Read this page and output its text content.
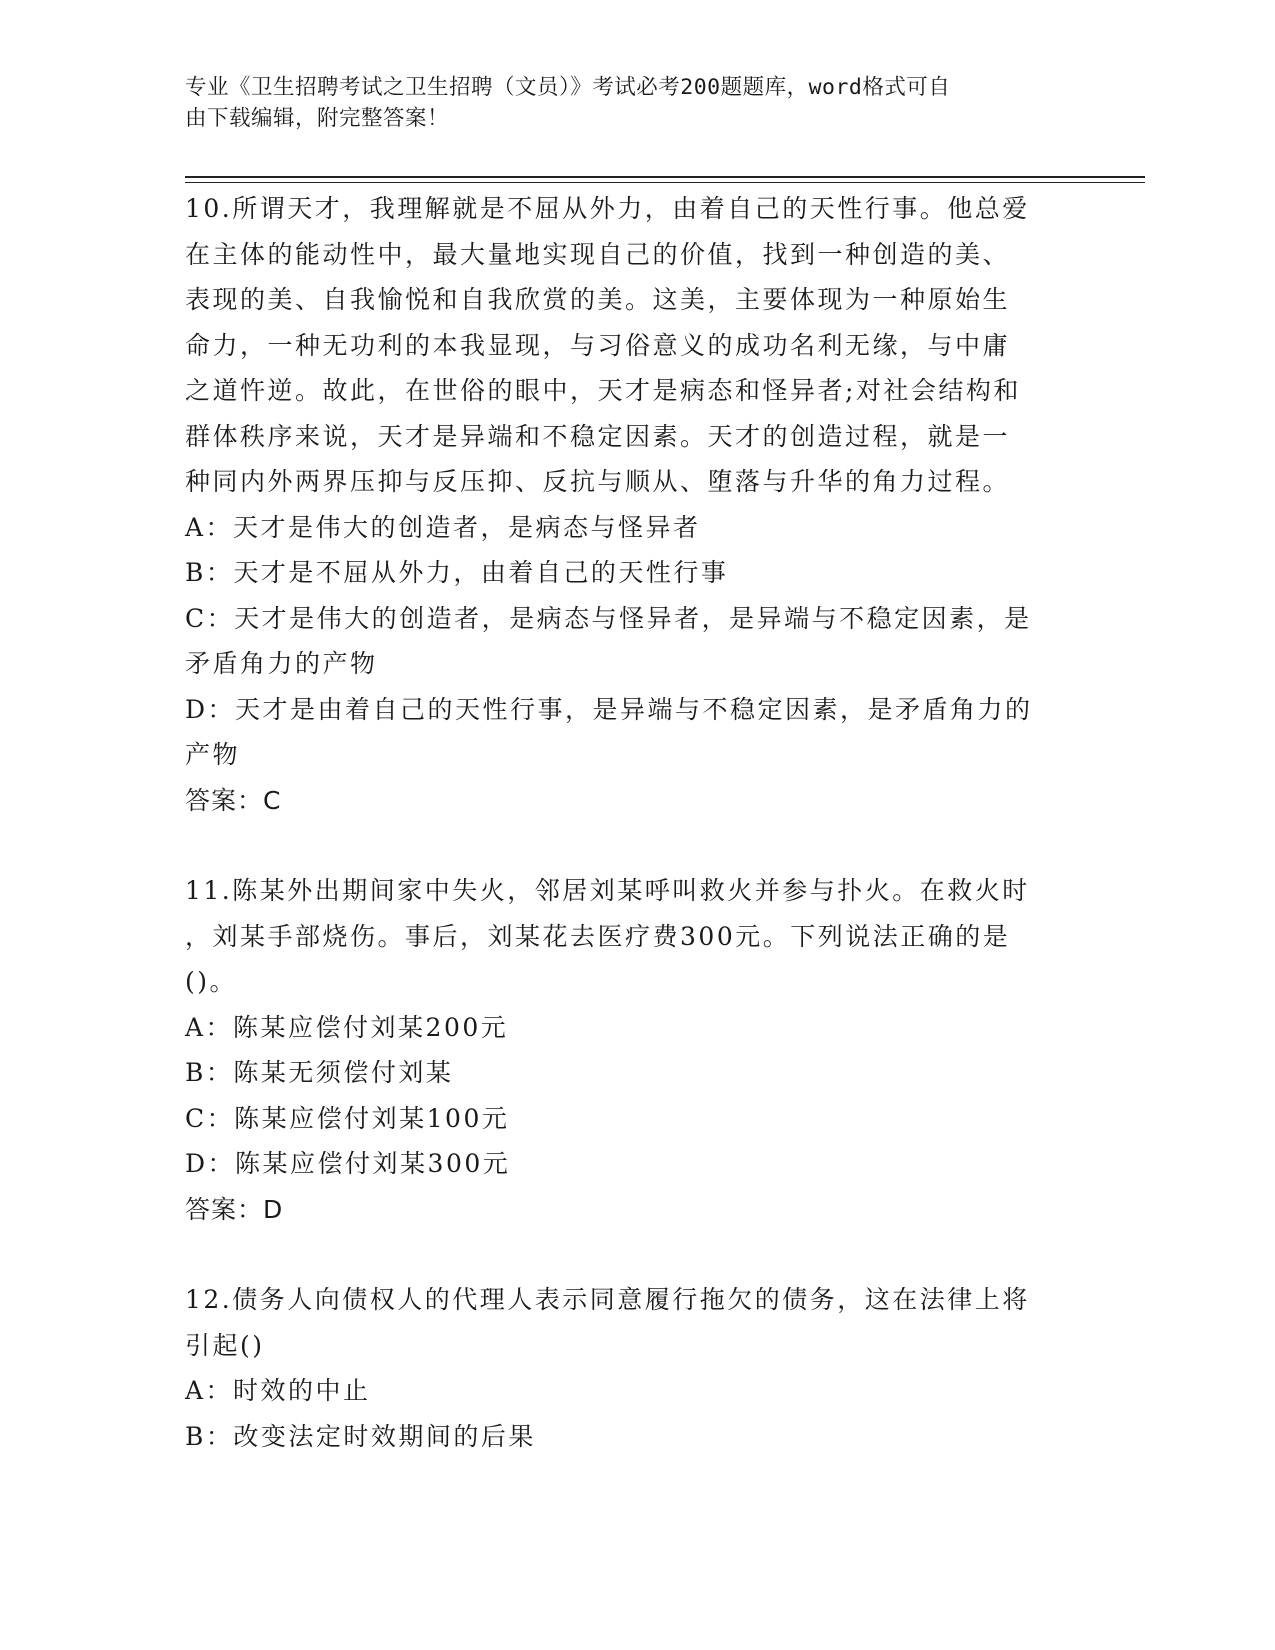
专业《卫生招聘考试之卫生招聘（文员）》考试必考200题题库，word格式可自
由下载编辑，附完整答案！
10.所谓天才，我理解就是不屈从外力，由着自己的天性行事。他总爱
在主体的能动性中，最大量地实现自己的价值，找到一种创造的美、
表现的美、自我愉悦和自我欣赏的美。这美，主要体现为一种原始生
命力，一种无功利的本我显现，与习俗意义的成功名利无缘，与中庸
之道忤逆。故此，在世俗的眼中，天才是病态和怪异者;对社会结构和
群体秩序来说，天才是异端和不稳定因素。天才的创造过程，就是一
种同内外两界压抑与反压抑、反抗与顺从、堕落与升华的角力过程。
A：天才是伟大的创造者，是病态与怪异者
B：天才是不屈从外力，由着自己的天性行事
C：天才是伟大的创造者，是病态与怪异者，是异端与不稳定因素，是
矛盾角力的产物
D：天才是由着自己的天性行事，是异端与不稳定因素，是矛盾角力的
产物
答案：C
11.陈某外出期间家中失火，邻居刘某呼叫救火并参与扑火。在救火时
，刘某手部烧伤。事后，刘某花去医疗费300元。下列说法正确的是
()。
A：陈某应偿付刘某200元
B：陈某无须偿付刘某
C：陈某应偿付刘某100元
D：陈某应偿付刘某300元
答案：D
12.债务人向债权人的代理人表示同意履行拖欠的债务，这在法律上将
引起()
A：时效的中止
B：改变法定时效期间的后果
